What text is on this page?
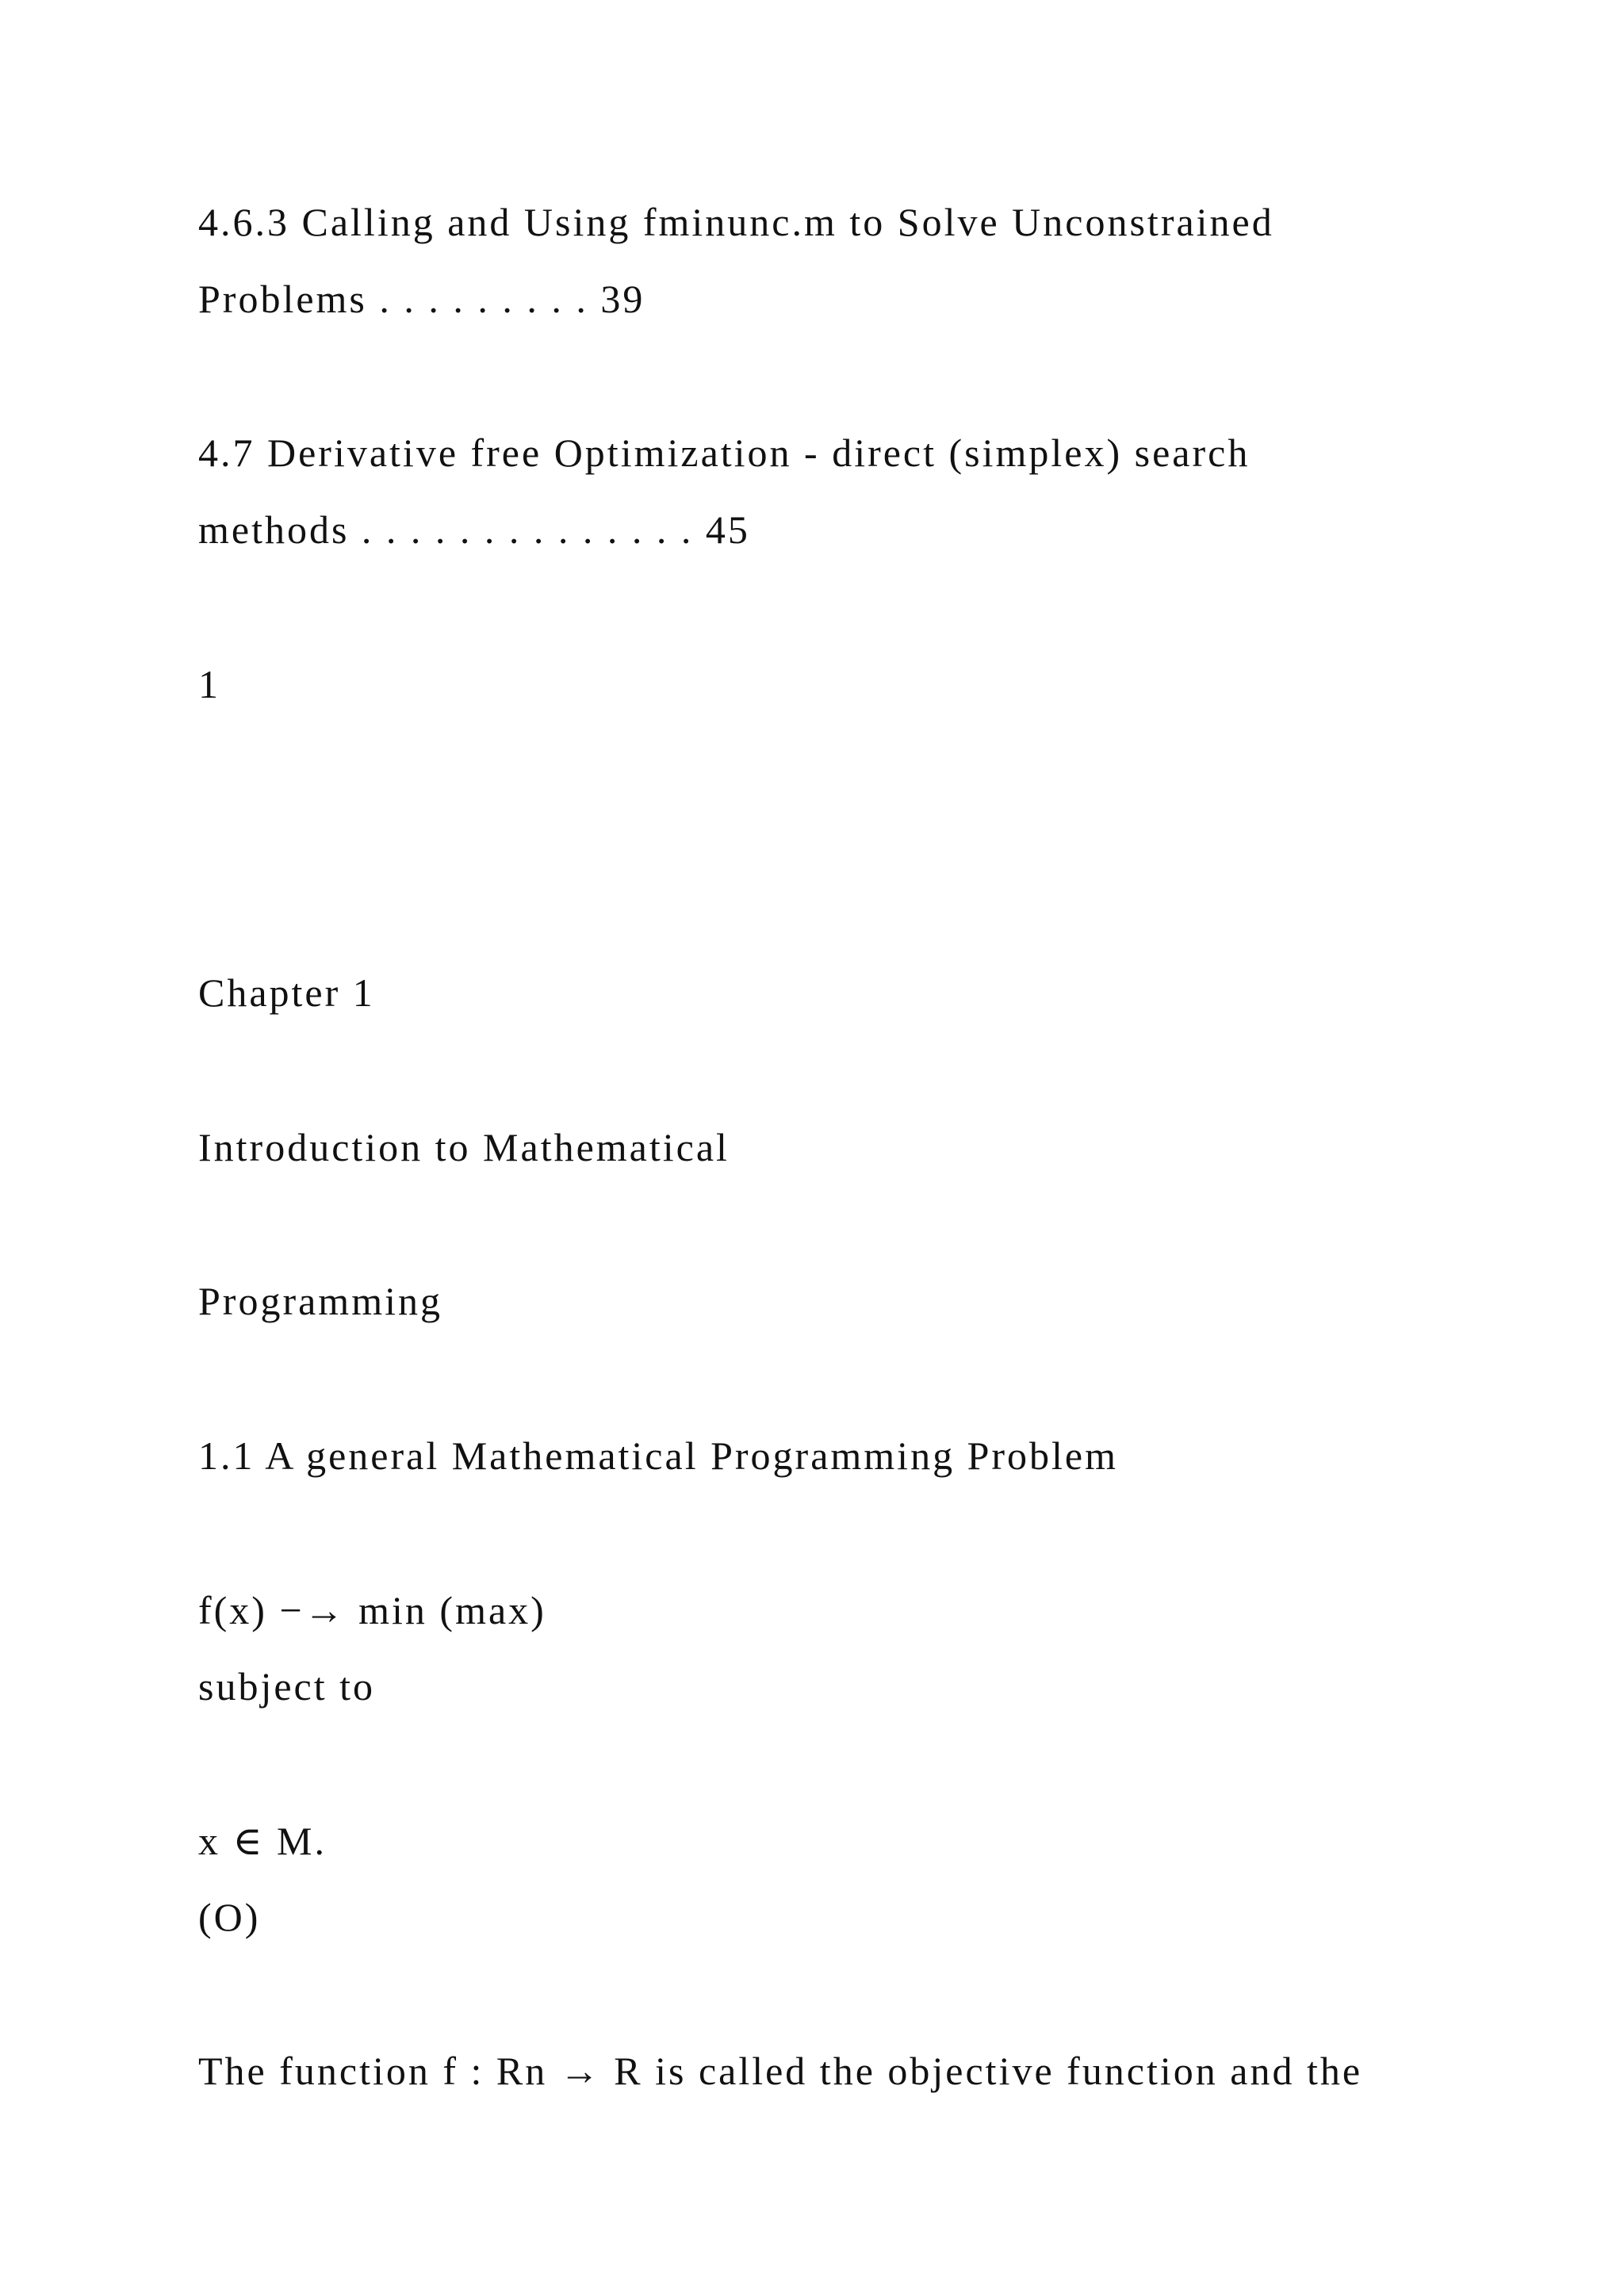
4.6.3 Calling and Using fminunc.m to Solve Unconstrained

Problems . . . . . . . . . 39

4.7 Derivative free Optimization - direct (simplex) search

methods . . . . . . . . . . . . . . 45

1

Chapter 1

Introduction to Mathematical

Programming

1.1 A general Mathematical Programming Problem

f(x) −→ min (max)

subject to

x ∈ M.

(O)

The function f : Rn → R is called the objective function and the
